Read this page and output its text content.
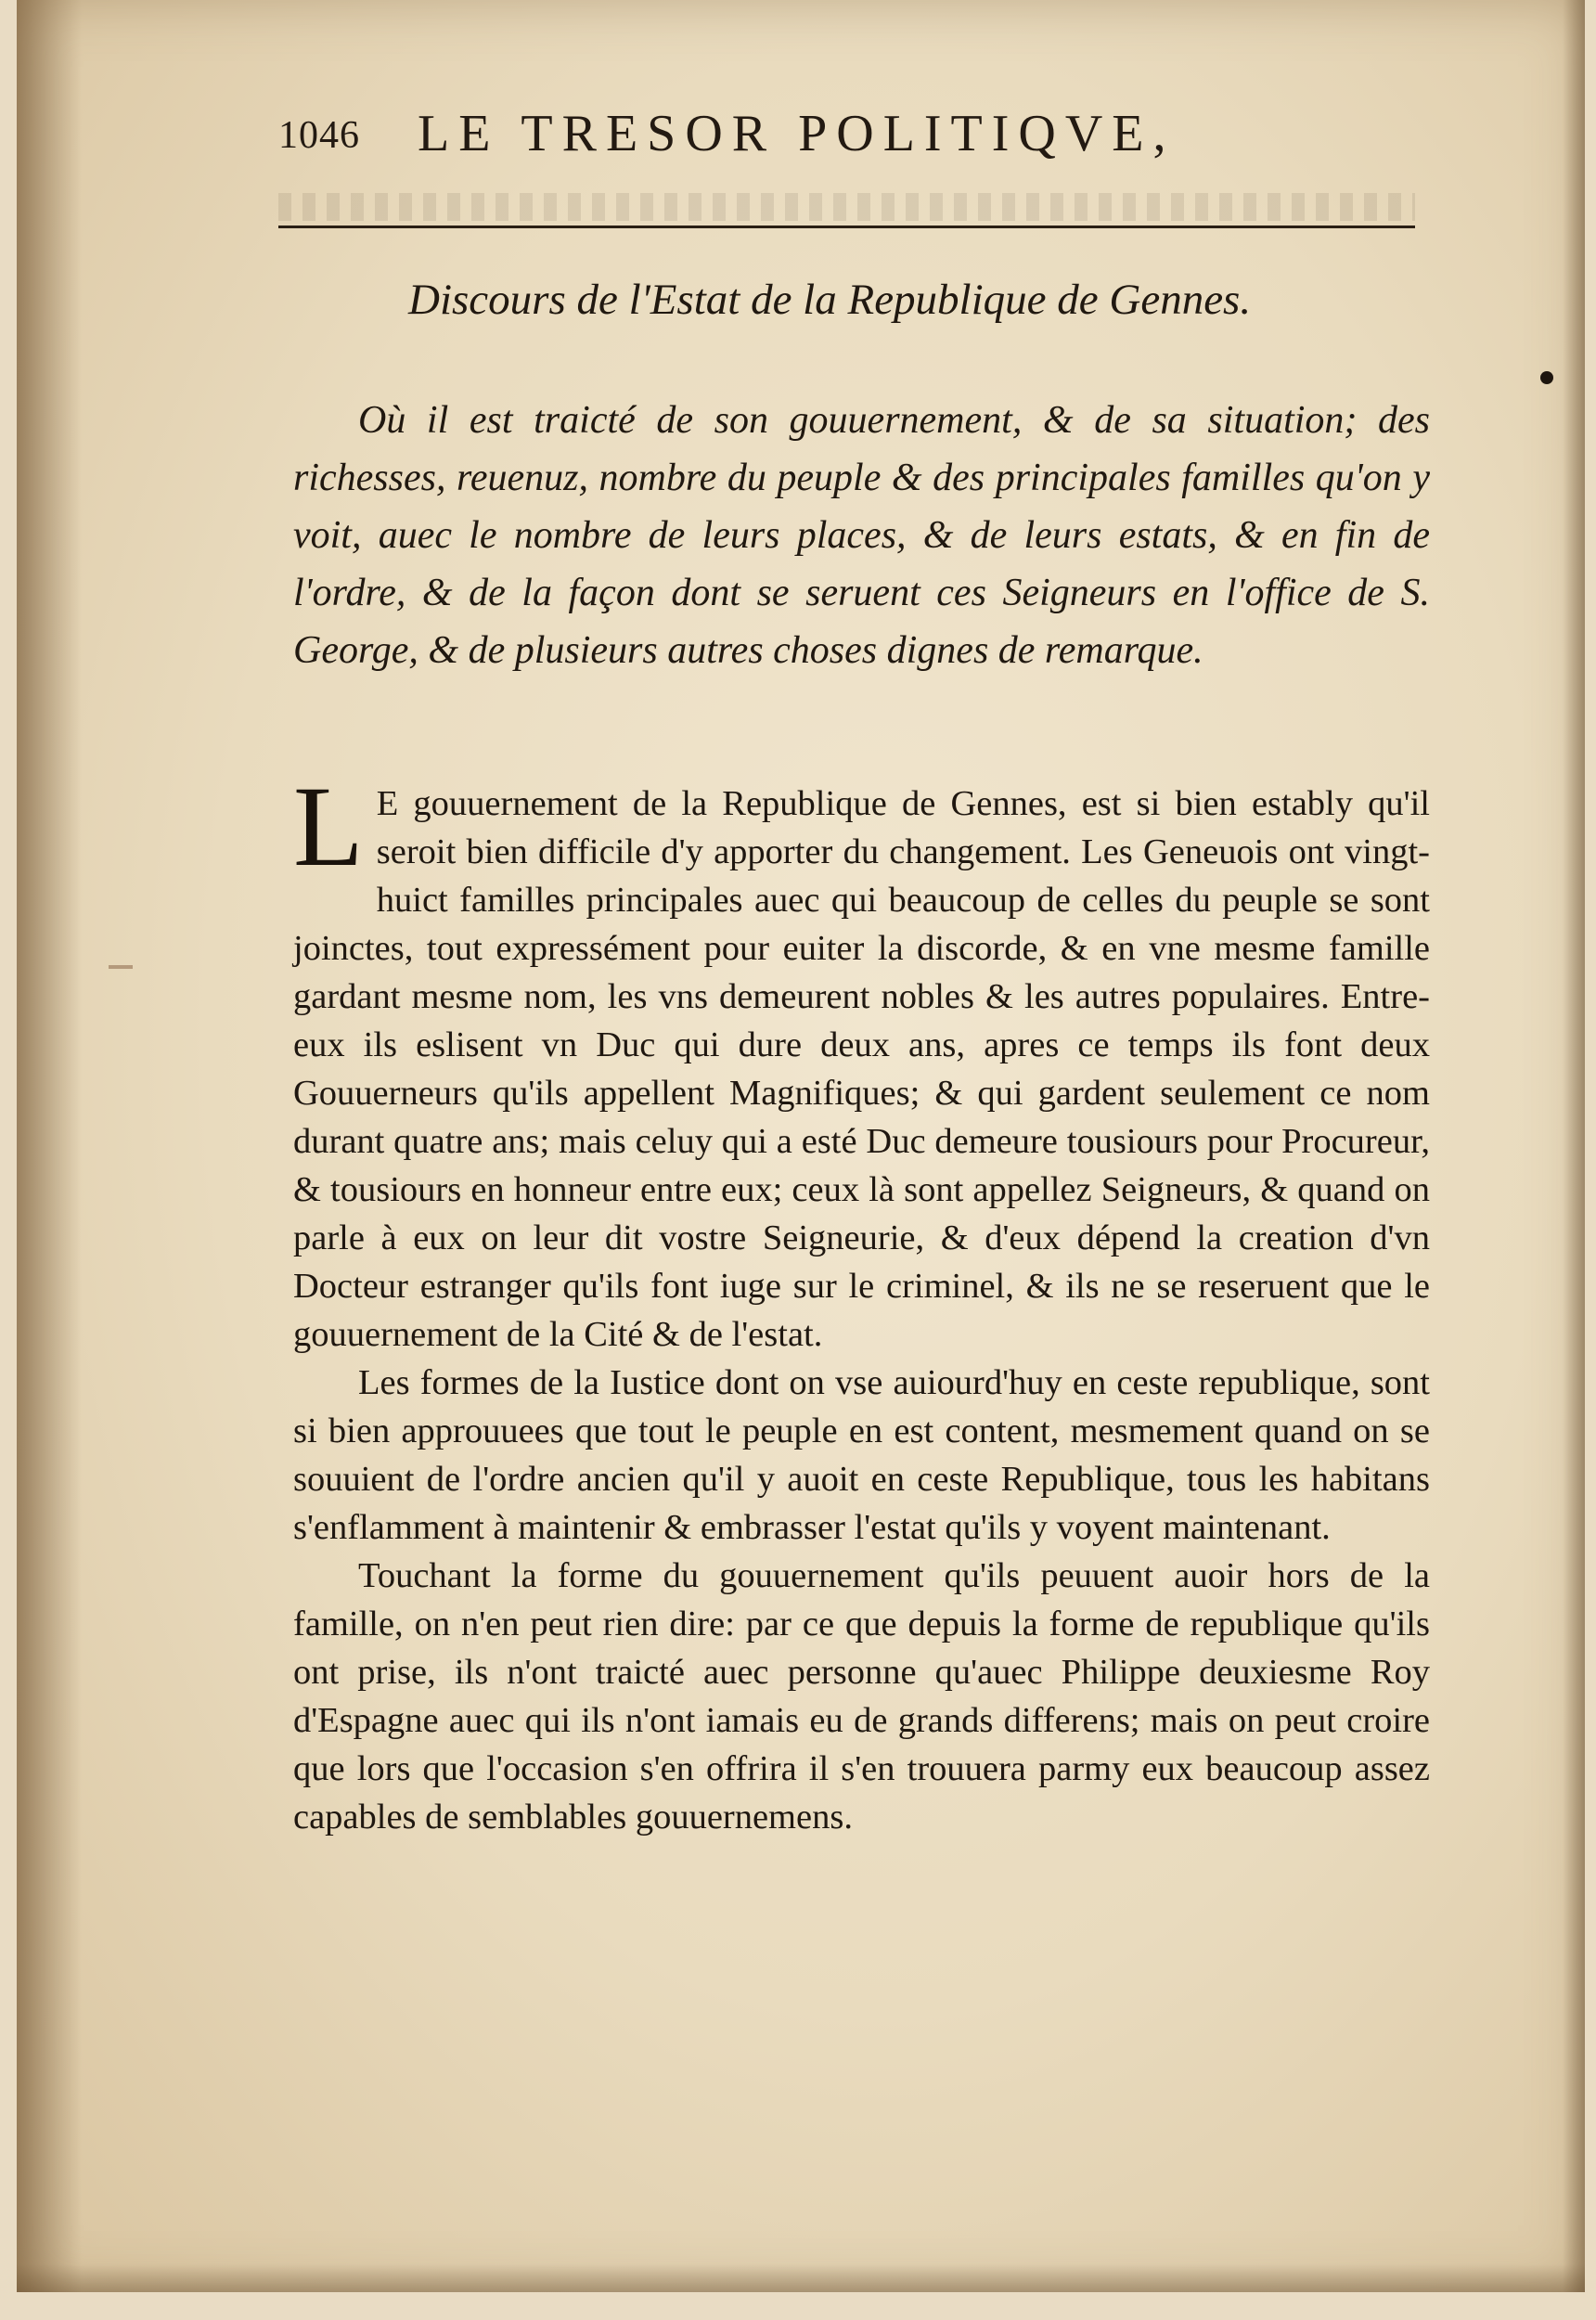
1046 LE TRESOR POLITIQVE,
Discours de l'Estat de la Republique de Gennes.

Où il est traicté de son gouuernement, & de sa situation; des richesses, reuenuz, nombre du peuple & des principales familles qu'on y voit, auec le nombre de leurs places, & de leurs estats, & en fin de l'ordre, & de la façon dont se seruent ces Seigneurs en l'office de S. George, & de plusieurs autres choses dignes de remarque.

L E gouuernement de la Republique de Gennes, est si bien estably qu'il seroit bien difficile d'y apporter du changement. Les Geneuois ont vingt-huict familles principales auec qui beaucoup de celles du peuple se sont joinctes, tout expressément pour euiter la discorde, & en vne mesme famille gardant mesme nom, les vns demeurent nobles & les autres populaires. Entre-eux ils eslisent vn Duc qui dure deux ans, apres ce temps ils font deux Gouuerneurs qu'ils appellent Magnifiques; & qui gardent seulement ce nom durant quatre ans; mais celuy qui a esté Duc demeure tousiours pour Procureur, & tousiours en honneur entre eux; ceux là sont appellez Seigneurs, & quand on parle à eux on leur dit vostre Seigneurie, & d'eux dépend la creation d'vn Docteur estranger qu'ils font iuge sur le criminel, & ils ne se reseruent que le gouuernement de la Cité & de l'estat.

Les formes de la Iustice dont on vse auiourd'huy en ceste republique, sont si bien approuuees que tout le peuple en est content, mesmement quand on se souuient de l'ordre ancien qu'il y auoit en ceste Republique, tous les habitans s'enflamment à maintenir & embrasser l'estat qu'ils y voyent maintenant.

Touchant la forme du gouuernement qu'ils peuuent auoir hors de la famille, on n'en peut rien dire: par ce que depuis la forme de republique qu'ils ont prise, ils n'ont traicté auec personne qu'auec Philippe deuxiesme Roy d'Espagne auec qui ils n'ont iamais eu de grands differens; mais on peut croire que lors que l'occasion s'en offrira il s'en trouuera parmy eux beaucoup assez capables de semblables gouuernemens.
